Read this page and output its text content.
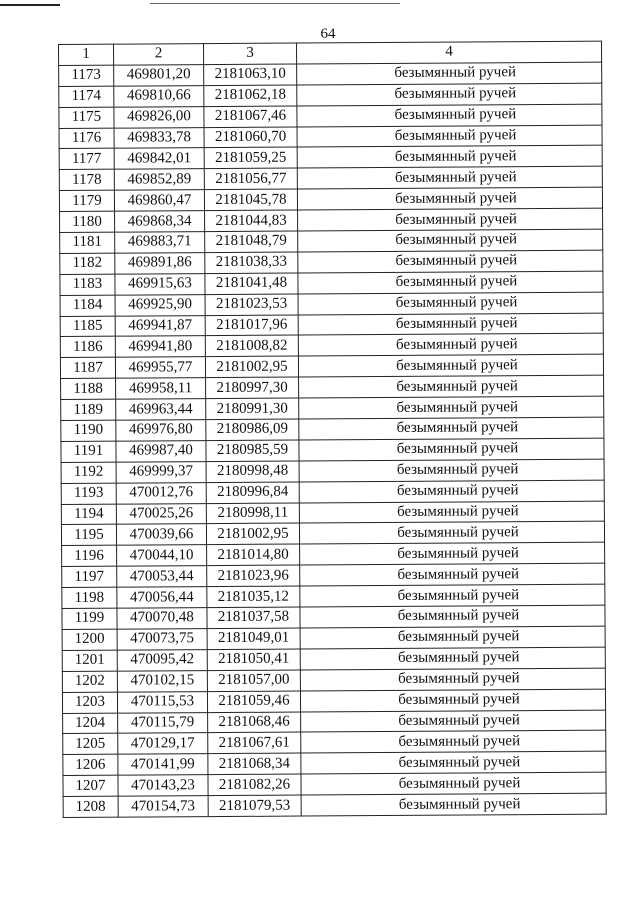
64
1	2	3	4
1173	469801,20	2181063,10	безымянный ручей
1174	469810,66	2181062,18	безымянный ручей
1175	469826,00	2181067,46	безымянный ручей
1176	469833,78	2181060,70	безымянный ручей
1177	469842,01	2181059,25	безымянный ручей
1178	469852,89	2181056,77	безымянный ручей
1179	469860,47	2181045,78	безымянный ручей
1180	469868,34	2181044,83	безымянный ручей
1181	469883,71	2181048,79	безымянный ручей
1182	469891,86	2181038,33	безымянный ручей
1183	469915,63	2181041,48	безымянный ручей
1184	469925,90	2181023,53	безымянный ручей
1185	469941,87	2181017,96	безымянный ручей
1186	469941,80	2181008,82	безымянный ручей
1187	469955,77	2181002,95	безымянный ручей
1188	469958,11	2180997,30	безымянный ручей
1189	469963,44	2180991,30	безымянный ручей
1190	469976,80	2180986,09	безымянный ручей
1191	469987,40	2180985,59	безымянный ручей
1192	469999,37	2180998,48	безымянный ручей
1193	470012,76	2180996,84	безымянный ручей
1194	470025,26	2180998,11	безымянный ручей
1195	470039,66	2181002,95	безымянный ручей
1196	470044,10	2181014,80	безымянный ручей
1197	470053,44	2181023,96	безымянный ручей
1198	470056,44	2181035,12	безымянный ручей
1199	470070,48	2181037,58	безымянный ручей
1200	470073,75	2181049,01	безымянный ручей
1201	470095,42	2181050,41	безымянный ручей
1202	470102,15	2181057,00	безымянный ручей
1203	470115,53	2181059,46	безымянный ручей
1204	470115,79	2181068,46	безымянный ручей
1205	470129,17	2181067,61	безымянный ручей
1206	470141,99	2181068,34	безымянный ручей
1207	470143,23	2181082,26	безымянный ручей
1208	470154,73	2181079,53	безымянный ручей
